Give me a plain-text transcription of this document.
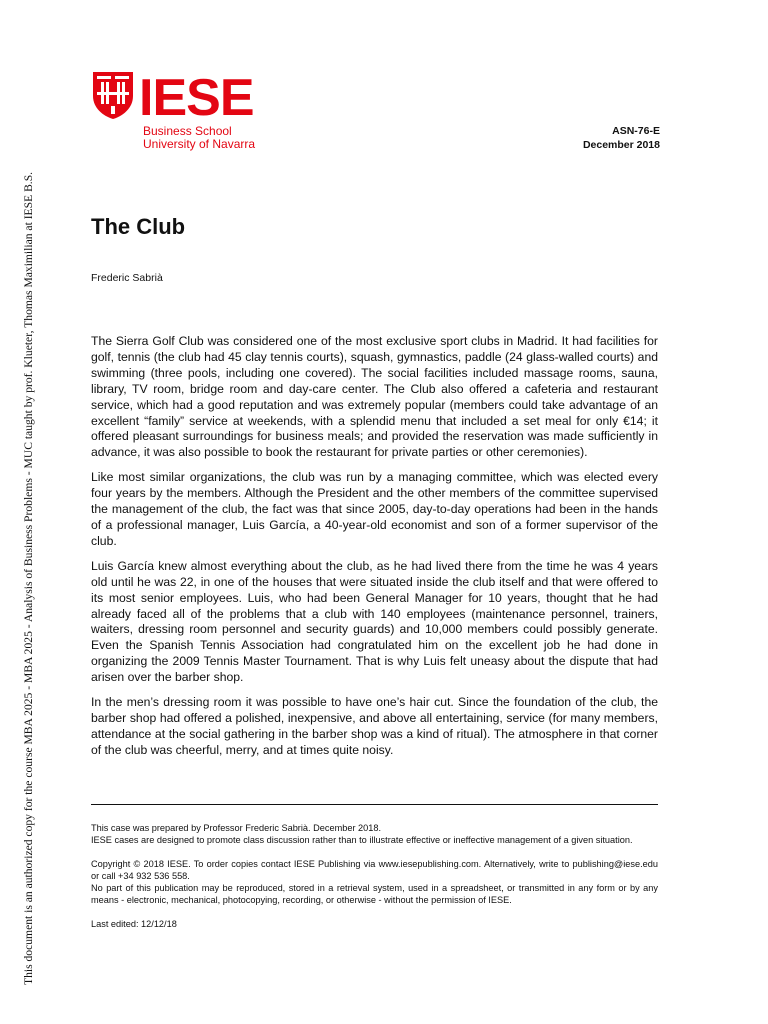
This document is an authorized copy for the course MBA 2025 - MBA 2025 - Analysis of Business Problems - MUC taught by prof. Klueter, Thomas Maximilian at IESE B.S.
IESE
Business School
University of Navarra
ASN-76-E
December 2018
The Club
Frederic Sabrià

The Sierra Golf Club was considered one of the most exclusive sport clubs in Madrid. It had facilities for golf, tennis (the club had 45 clay tennis courts), squash, gymnastics, paddle (24 glass-walled courts) and swimming (three pools, including one covered). The social facilities included massage rooms, sauna, library, TV room, bridge room and day-care center. The Club also offered a cafeteria and restaurant service, which had a good reputation and was extremely popular (members could take advantage of an excellent “family” service at weekends, with a splendid menu that included a set meal for only €14; it offered pleasant surroundings for business meals; and provided the reservation was made sufficiently in advance, it was also possible to book the restaurant for private parties or other ceremonies).

Like most similar organizations, the club was run by a managing committee, which was elected every four years by the members. Although the President and the other members of the committee supervised the management of the club, the fact was that since 2005, day-to-day operations had been in the hands of a professional manager, Luis García, a 40-year-old economist and son of a former supervisor of the club.

Luis García knew almost everything about the club, as he had lived there from the time he was 4 years old until he was 22, in one of the houses that were situated inside the club itself and that were offered to its most senior employees. Luis, who had been General Manager for 10 years, thought that he had already faced all of the problems that a club with 140 employees (maintenance personnel, trainers, waiters, dressing room personnel and security guards) and 10,000 members could possibly generate. Even the Spanish Tennis Association had congratulated him on the excellent job he had done in organizing the 2009 Tennis Master Tournament. That is why Luis felt uneasy about the dispute that had arisen over the barber shop.

In the men’s dressing room it was possible to have one’s hair cut. Since the foundation of the club, the barber shop had offered a polished, inexpensive, and above all entertaining, service (for many members, attendance at the social gathering in the barber shop was a kind of ritual). The atmosphere in that corner of the club was cheerful, merry, and at times quite noisy.

This case was prepared by Professor Frederic Sabrià. December 2018.

IESE cases are designed to promote class discussion rather than to illustrate effective or ineffective management of a given situation.

Copyright © 2018 IESE. To order copies contact IESE Publishing via www.iesepublishing.com. Alternatively, write to publishing@iese.edu or call +34 932 536 558.

No part of this publication may be reproduced, stored in a retrieval system, used in a spreadsheet, or transmitted in any form or by any means - electronic, mechanical, photocopying, recording, or otherwise - without the permission of IESE.

Last edited: 12/12/18
